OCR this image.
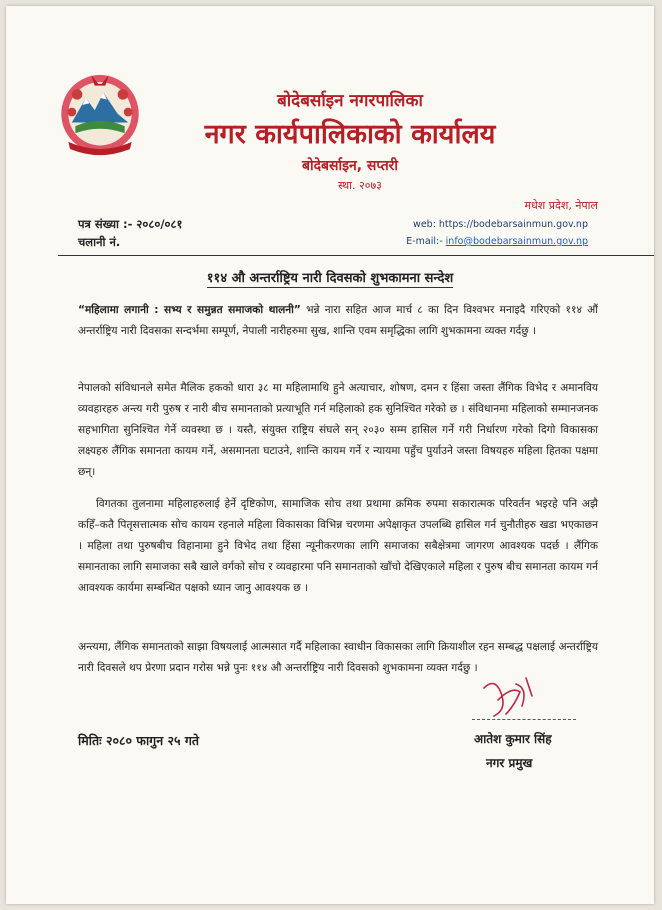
बोदेबर्साइन नगरपालिका
नगर कार्यपालिकाको कार्यालय
बोदेबर्साइन, सप्तरी
स्था. २०७३
मधेश प्रदेश, नेपाल
पत्र संख्या :- २०८०/०८१
चलानी नं.
web: https://bodebarsainmun.gov.np
E-mail:- info@bodebarsainmun.gov.np
११४ औ अन्तर्राष्ट्रिय नारी दिवसको शुभकामना सन्देश
“महिलामा लगानी : सभ्य र समुन्नत समाजको थालनी” भन्ने नारा सहित आज मार्च ८ का दिन विश्वभर मनाइदै गरिएको ११४ औं अन्तर्राष्ट्रिय नारी दिवसका सन्दर्भमा सम्पूर्ण, नेपाली नारीहरुमा सुख, शान्ति एवम समृद्धिका लागि शुभकामना व्यक्त गर्दछु ।
नेपालको संविधानले समेत मैलिक हकको धारा ३८ मा महिलामाथि हुने अत्याचार, शोषण, दमन र हिंसा जस्ता लैंगिक विभेद र अमानविय व्यवहारहरु अन्त्य गरी पुरुष र नारी बीच समानताको प्रत्याभूति गर्न महिलाको हक सुनिश्चित गरेको छ । संविधानमा महिलाको सम्मानजनक सहभागिता सुनिश्चित गेर्ने व्यवस्था छ । यस्तै, संयुक्त राष्ट्रिय संघले सन् २०३० सम्म हासिल गर्ने गरी निर्धारण गरेको दिगो विकासका लक्ष्यहरु लैंगिक समानता कायम गर्ने, असमानता घटाउने, शान्ति कायम गर्ने र न्यायमा पहुँच पुर्याउने जस्ता विषयहरु महिला हितका पक्षमा छन्।
विगतका तुलनामा महिलाहरुलाई हेर्ने दृष्टिकोण, सामाजिक सोच तथा प्रथामा क्रमिक रुपमा सकारात्मक परिवर्तन भइरहे पनि अझै कहिँ–कतै पितृसत्तात्मक सोच कायम रहनाले महिला विकासका विभिन्न चरणमा अपेक्षाकृत उपलब्धि हासिल गर्न चुनौतीहरु खडा भएकाछन । महिला तथा पुरुषबीच विहानामा हुने विभेद तथा हिंसा न्यूनीकरणका लागि समाजका सबैक्षेत्रमा जागरण आवश्यक पदर्छ । लैंगिक समानताका लागि समाजका सबै खाले वर्गको सोच र व्यवहारमा पनि समानताको खाँचो देखिएकाले महिला र पुरुष बीच समानता कायम गर्न आवश्यक कार्यमा सम्बन्धित पक्षको ध्यान जानु आवश्यक छ ।
अन्त्यमा, लैंगिक समानताको साझा विषयलाई आत्मसात गर्दै महिलाका स्वाधीन विकासका लागि क्रियाशील रहन सम्बद्ध पक्षलाई अन्तर्राष्ट्रिय नारी दिवसले थप प्रेरणा प्रदान गरोस भन्ने पुनः ११४ औ अन्तर्राष्ट्रिय नारी दिवसको शुभकामना व्यक्त गर्दछु ।
मितिः २०८० फागुन २५ गते	आतेश कुमार सिंह
नगर प्रमुख
